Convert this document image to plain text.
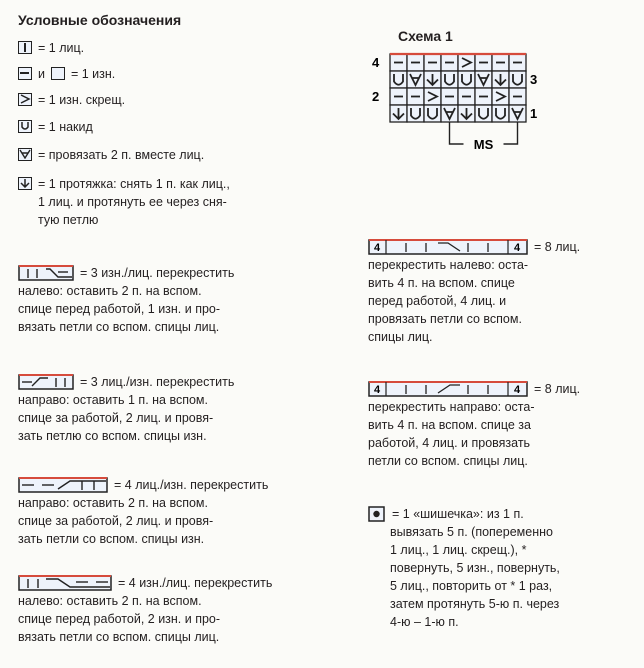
Условные обозначения
= 1 лиц.
и	= 1 изн.
= 1 изн. скрещ.
= 1 накид
= провязать 2 п. вместе лиц.
= 1 протяжка: снять 1 п. как лиц.,
1 лиц. и протянуть ее через сня-
тую петлю
= 3 изн./лиц. перекрестить
налево: оставить 2 п. на вспом.
спице перед работой, 1 изн. и про-
вязать петли со вспом. спицы лиц.
= 3 лиц./изн. перекрестить
направо: оставить 1 п. на вспом.
спице за работой, 2 лиц. и провя-
зать петлю со вспом. спицы изн.
= 4 лиц./изн. перекрестить
направо: оставить 2 п. на вспом.
спице за работой, 2 лиц. и провя-
зать петли со вспом. спицы изн.
= 4 изн./лиц. перекрестить
налево: оставить 2 п. на вспом.
спице перед работой, 2 изн. и про-
вязать петли со вспом. спицы лиц.
Схема 1
4
2
3
1
MS
4	4	= 8 лиц.
перекрестить налево: оста-
вить 4 п. на вспом. спице
перед работой, 4 лиц. и
провязать петли со вспом.
спицы лиц.
4	4	= 8 лиц.
перекрестить направо: оста-
вить 4 п. на вспом. спице за
работой, 4 лиц. и провязать
петли со вспом. спицы лиц.
= 1 «шишечка»: из 1 п.
вывязать 5 п. (попеременно
1 лиц., 1 лиц. скрещ.), *
повернуть, 5 изн., повернуть,
5 лиц., повторить от * 1 раз,
затем протянуть 5-ю п. через
4-ю – 1-ю п.
